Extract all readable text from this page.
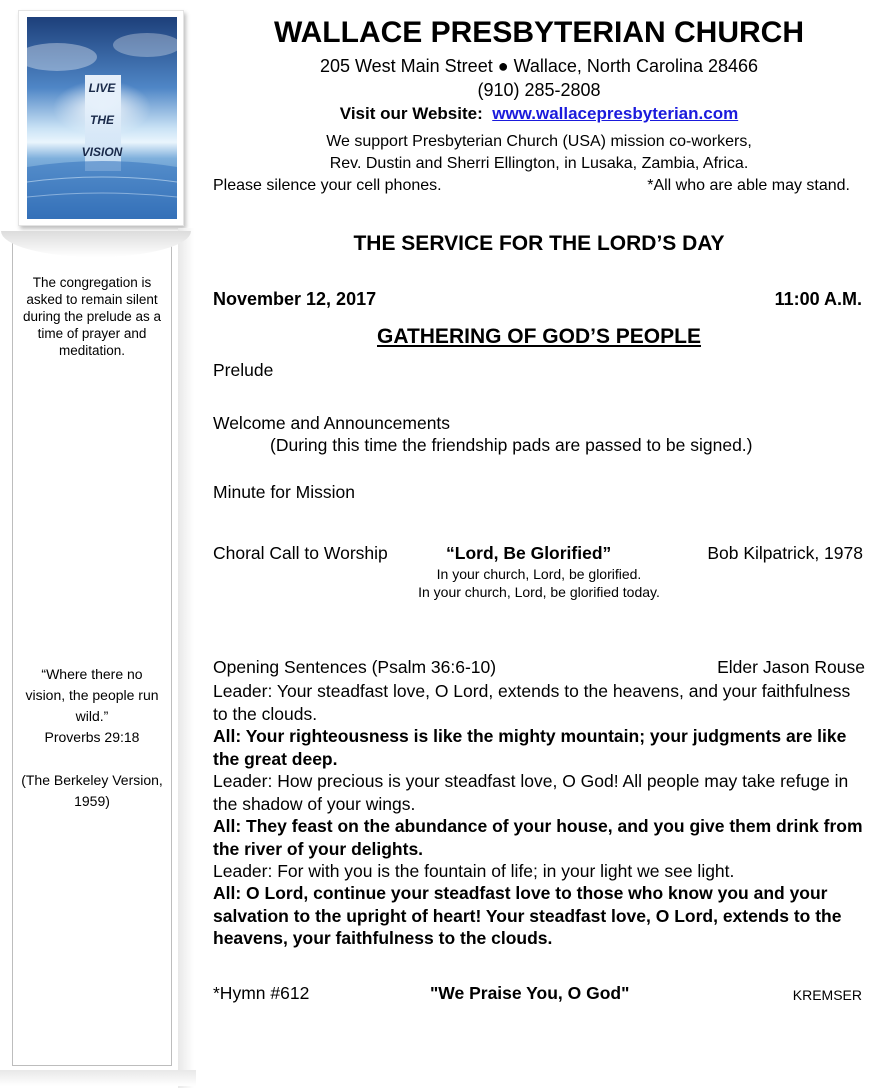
LIVE
THE
VISION
The congregation is asked to remain silent during the prelude as a time of prayer and meditation.
“Where there no vision, the people run wild.”
Proverbs 29:18
(The Berkeley Version, 1959)
WALLACE PRESBYTERIAN CHURCH
205 West Main Street ● Wallace, North Carolina 28466
(910) 285-2808
Visit our Website: www.wallacepresbyterian.com
We support Presbyterian Church (USA) mission co-workers,
Rev. Dustin and Sherri Ellington, in Lusaka, Zambia, Africa.
Please silence your cell phones.	*All who are able may stand.
THE SERVICE FOR THE LORD’S DAY
November 12, 2017	11:00 A.M.
GATHERING OF GOD’S PEOPLE
Prelude
Welcome and Announcements
(During this time the friendship pads are passed to be signed.)
Minute for Mission
Choral Call to Worship	“Lord, Be Glorified”	Bob Kilpatrick, 1978
In your church, Lord, be glorified.
In your church, Lord, be glorified today.
Opening Sentences (Psalm 36:6-10)	Elder Jason Rouse
Leader: Your steadfast love, O Lord, extends to the heavens, and your faithfulness to the clouds.
All: Your righteousness is like the mighty mountain; your judgments are like the great deep.
Leader: How precious is your steadfast love, O God! All people may take refuge in the shadow of your wings.
All: They feast on the abundance of your house, and you give them drink from the river of your delights.
Leader: For with you is the fountain of life; in your light we see light.
All: O Lord, continue your steadfast love to those who know you and your salvation to the upright of heart! Your steadfast love, O Lord, extends to the heavens, your faithfulness to the clouds.
*Hymn #612	"We Praise You, O God"	KREMSER
